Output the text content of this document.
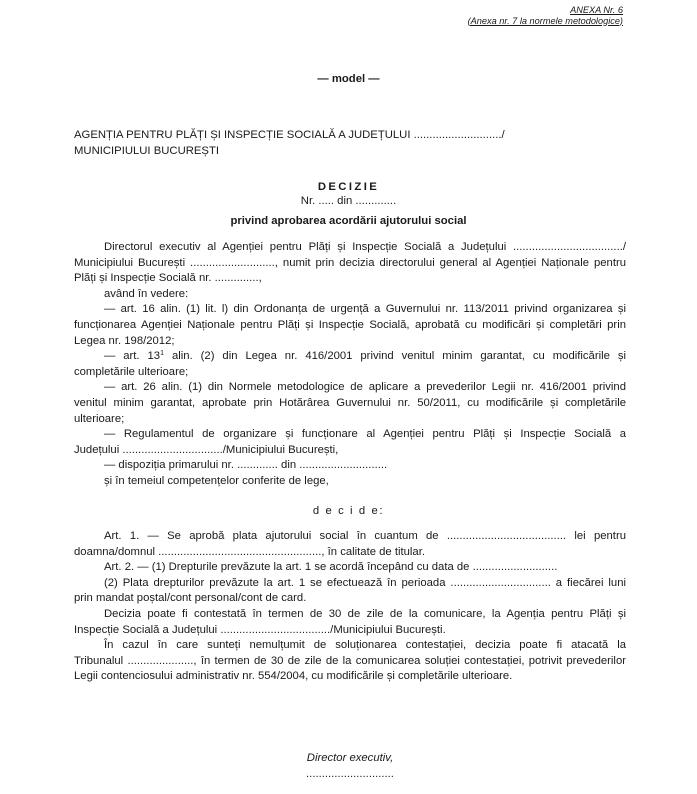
ANEXA Nr. 6
(Anexa nr. 7 la normele metodologice)
— model —
AGENȚIA PENTRU PLĂȚI ȘI INSPECȚIE SOCIALĂ A JUDEȚULUI ............................/
MUNICIPIULUI BUCUREȘTI
DECIZIE
Nr. ..... din .............
privind aprobarea acordării ajutorului social
Directorul executiv al Agenției pentru Plăți și Inspecție Socială a Județului .................................../
Municipiului București ..........................., numit prin decizia directorului general al Agenției Naționale pentru
Plăți și Inspecție Socială nr. ..............,
având în vedere:
— art. 16 alin. (1) lit. l) din Ordonanța de urgență a Guvernului nr. 113/2011 privind organizarea și
funcționarea Agenției Naționale pentru Plăți și Inspecție Socială, aprobată cu modificări și completări prin
Legea nr. 198/2012;
— art. $13^1$ alin. (2) din Legea nr. 416/2001 privind venitul minim garantat, cu modificările și
completările ulterioare;
— art. 26 alin. (1) din Normele metodologice de aplicare a prevederilor Legii nr. 416/2001 privind
venitul minim garantat, aprobate prin Hotărârea Guvernului nr. 50/2011, cu modificările și completările
ulterioare;
— Regulamentul de organizare și funcționare al Agenției pentru Plăți și Inspecție Socială a
Județului ................................/Municipiului București,
— dispoziția primarului nr. ............. din ............................
și în temeiul competențelor conferite de lege,
d e c i d e:
Art. 1. — Se aprobă plata ajutorului social în cuantum de ...................................... lei pentru
doamna/domnul ...................................................., în calitate de titular.
Art. 2. — (1) Drepturile prevăzute la art. 1 se acordă începând cu data de ...........................
(2) Plata drepturilor prevăzute la art. 1 se efectuează în perioada ................................ a fiecărei luni
prin mandat poștal/cont personal/cont de card.
Decizia poate fi contestată în termen de 30 de zile de la comunicare, la Agenția pentru Plăți și
Inspecție Socială a Județului .................................../Municipiului București.
În cazul în care sunteți nemulțumit de soluționarea contestației, decizia poate fi atacată la
Tribunalul ....................., în termen de 30 de zile de la comunicarea soluției contestației, potrivit prevederilor
Legii contenciosului administrativ nr. 554/2004, cu modificările și completările ulterioare.
Director executiv,
............................
